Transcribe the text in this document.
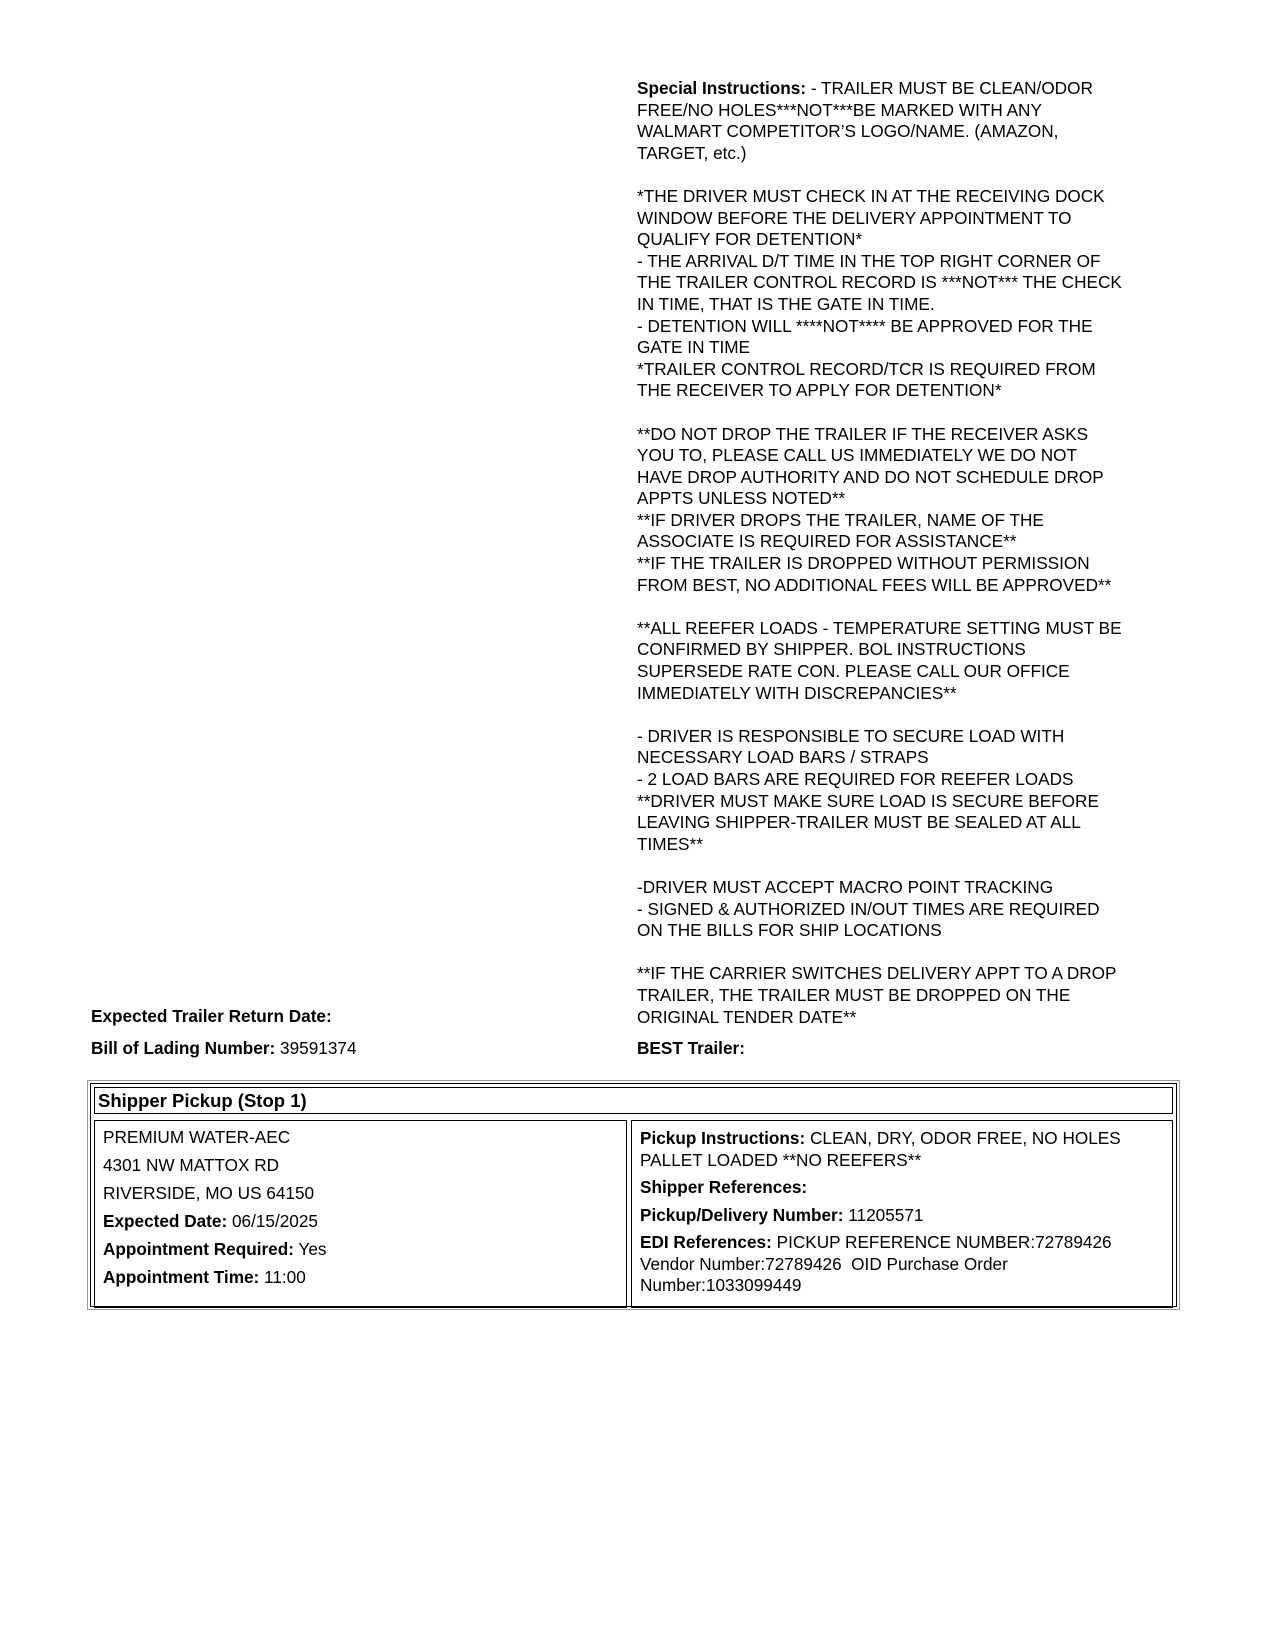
Special Instructions: - TRAILER MUST BE CLEAN/ODOR
FREE/NO HOLES***NOT***BE MARKED WITH ANY
WALMART COMPETITOR’S LOGO/NAME. (AMAZON,
TARGET, etc.)
*THE DRIVER MUST CHECK IN AT THE RECEIVING DOCK
WINDOW BEFORE THE DELIVERY APPOINTMENT TO
QUALIFY FOR DETENTION*
- THE ARRIVAL D/T TIME IN THE TOP RIGHT CORNER OF
THE TRAILER CONTROL RECORD IS ***NOT*** THE CHECK
IN TIME, THAT IS THE GATE IN TIME.
- DETENTION WILL ****NOT**** BE APPROVED FOR THE
GATE IN TIME
*TRAILER CONTROL RECORD/TCR IS REQUIRED FROM
THE RECEIVER TO APPLY FOR DETENTION*
**DO NOT DROP THE TRAILER IF THE RECEIVER ASKS
YOU TO, PLEASE CALL US IMMEDIATELY WE DO NOT
HAVE DROP AUTHORITY AND DO NOT SCHEDULE DROP
APPTS UNLESS NOTED**
**IF DRIVER DROPS THE TRAILER, NAME OF THE
ASSOCIATE IS REQUIRED FOR ASSISTANCE**
**IF THE TRAILER IS DROPPED WITHOUT PERMISSION
FROM BEST, NO ADDITIONAL FEES WILL BE APPROVED**
**ALL REEFER LOADS - TEMPERATURE SETTING MUST BE
CONFIRMED BY SHIPPER. BOL INSTRUCTIONS
SUPERSEDE RATE CON. PLEASE CALL OUR OFFICE
IMMEDIATELY WITH DISCREPANCIES**
- DRIVER IS RESPONSIBLE TO SECURE LOAD WITH
NECESSARY LOAD BARS / STRAPS
- 2 LOAD BARS ARE REQUIRED FOR REEFER LOADS
**DRIVER MUST MAKE SURE LOAD IS SECURE BEFORE
LEAVING SHIPPER-TRAILER MUST BE SEALED AT ALL
TIMES**
-DRIVER MUST ACCEPT MACRO POINT TRACKING
- SIGNED & AUTHORIZED IN/OUT TIMES ARE REQUIRED
ON THE BILLS FOR SHIP LOCATIONS
**IF THE CARRIER SWITCHES DELIVERY APPT TO A DROP
TRAILER, THE TRAILER MUST BE DROPPED ON THE
ORIGINAL TENDER DATE**
Expected Trailer Return Date:
Bill of Lading Number: 39591374	BEST Trailer:
Shipper Pickup (Stop 1)
PREMIUM WATER-AEC
4301 NW MATTOX RD
RIVERSIDE, MO US 64150
Expected Date: 06/15/2025
Appointment Required: Yes
Appointment Time: 11:00
Pickup Instructions: CLEAN, DRY, ODOR FREE, NO HOLES
PALLET LOADED **NO REEFERS**
Shipper References:
Pickup/Delivery Number: 11205571
EDI References: PICKUP REFERENCE NUMBER:72789426
Vendor Number:72789426  OID Purchase Order
Number:1033099449
